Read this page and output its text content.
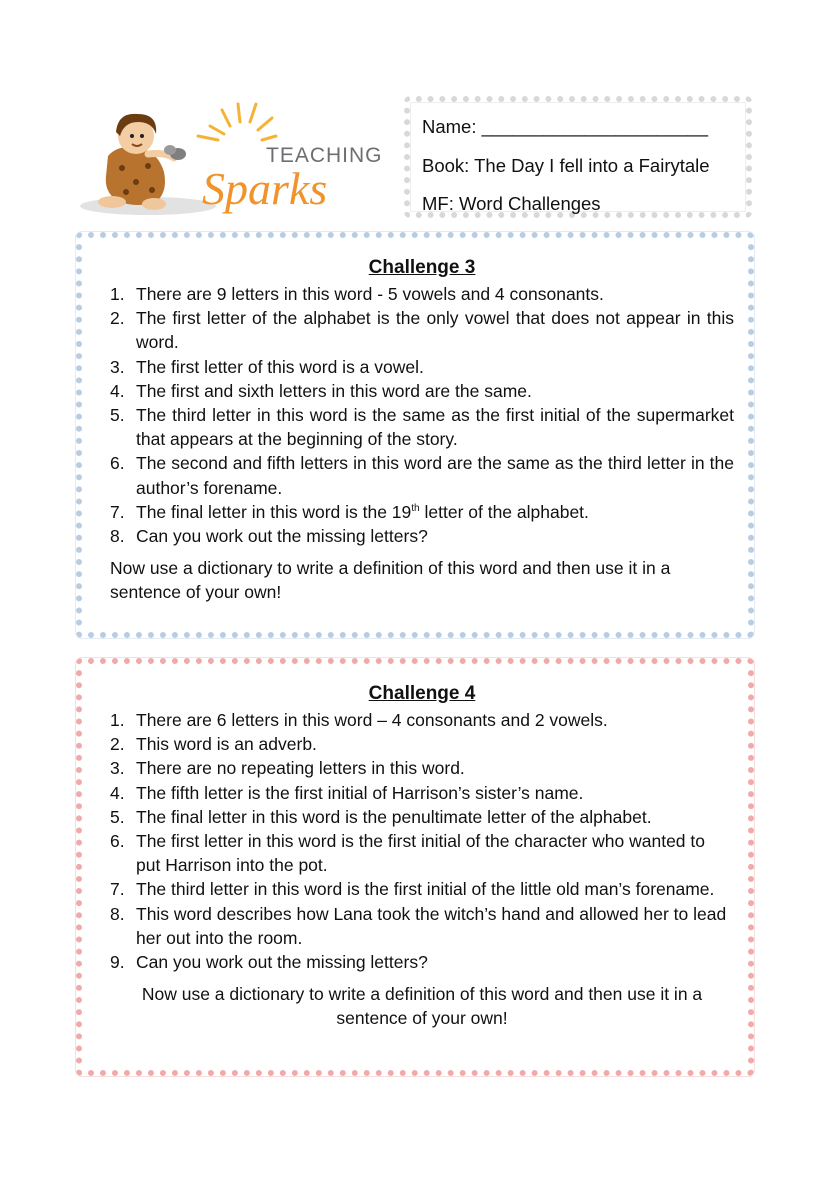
TEACHING
Sparks
Name: ______________________
Book: The Day I fell into a Fairytale
MF: Word Challenges
Challenge 3
1. There are 9 letters in this word - 5 vowels and 4 consonants.
2. The first letter of the alphabet is the only vowel that does not appear in this word.
3. The first letter of this word is a vowel.
4. The first and sixth letters in this word are the same.
5. The third letter in this word is the same as the first initial of the supermarket that appears at the beginning of the story.
6. The second and fifth letters in this word are the same as the third letter in the author’s forename.
7. The final letter in this word is the 19th letter of the alphabet.
8. Can you work out the missing letters?
Now use a dictionary to write a definition of this word and then use it in a sentence of your own!
Challenge 4
1. There are 6 letters in this word – 4 consonants and 2 vowels.
2. This word is an adverb.
3. There are no repeating letters in this word.
4. The fifth letter is the first initial of Harrison’s sister’s name.
5. The final letter in this word is the penultimate letter of the alphabet.
6. The first letter in this word is the first initial of the character who wanted to put Harrison into the pot.
7. The third letter in this word is the first initial of the little old man’s forename.
8. This word describes how Lana took the witch’s hand and allowed her to lead her out into the room.
9. Can you work out the missing letters?
Now use a dictionary to write a definition of this word and then use it in a sentence of your own!
